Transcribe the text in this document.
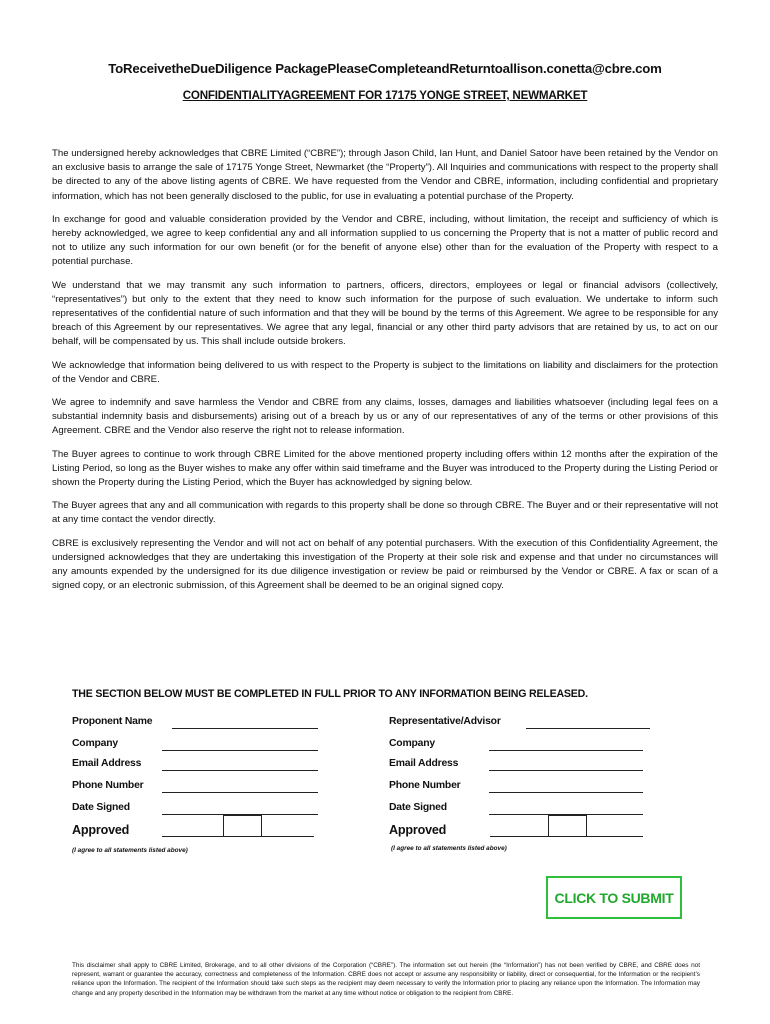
ToReceivetheDueDiligence PackagePleaseCompleteandReturntoallison.conetta@cbre.com
CONFIDENTIALITYAGREEMENT FOR 17175 YONGE STREET, NEWMARKET

The undersigned hereby acknowledges that CBRE Limited (“CBRE”); through Jason Child, Ian Hunt, and Daniel Satoor have been retained by the Vendor on an exclusive basis to arrange the sale of 17175 Yonge Street, Newmarket (the “Property”). All Inquiries and communications with respect to the property shall be directed to any of the above listing agents of CBRE. We have requested from the Vendor and CBRE, information, including confidential and proprietary information, which has not been generally disclosed to the public, for use in evaluating a potential purchase of the Property.

In exchange for good and valuable consideration provided by the Vendor and CBRE, including, without limitation, the receipt and sufficiency of which is hereby acknowledged, we agree to keep confidential any and all information supplied to us concerning the Property that is not a matter of public record and not to utilize any such information for our own benefit (or for the benefit of anyone else) other than for the evaluation of the Property with respect to a potential purchase.

We understand that we may transmit any such information to partners, officers, directors, employees or legal or financial advisors (collectively, “representatives”) but only to the extent that they need to know such information for the purpose of such evaluation. We undertake to inform such representatives of the confidential nature of such information and that they will be bound by the terms of this Agreement. We agree to be responsible for any breach of this Agreement by our representatives. We agree that any legal, financial or any other third party advisors that are retained by us, to act on our behalf, will be compensated by us. This shall include outside brokers.

We acknowledge that information being delivered to us with respect to the Property is subject to the limitations on liability and disclaimers for the protection of the Vendor and CBRE.

We agree to indemnify and save harmless the Vendor and CBRE from any claims, losses, damages and liabilities whatsoever (including legal fees on a substantial indemnity basis and disbursements) arising out of a breach by us or any of our representatives of any of the terms or other provisions of this Agreement. CBRE and the Vendor also reserve the right not to release information.

The Buyer agrees to continue to work through CBRE Limited for the above mentioned property including offers within 12 months after the expiration of the Listing Period, so long as the Buyer wishes to make any offer within said timeframe and the Buyer was introduced to the Property during the Listing Period or shown the Property during the Listing Period, which the Buyer has acknowledged by signing below.

The Buyer agrees that any and all communication with regards to this property shall be done so through CBRE. The Buyer and or their representative will not at any time contact the vendor directly.

CBRE is exclusively representing the Vendor and will not act on behalf of any potential purchasers. With the execution of this Confidentiality Agreement, the undersigned acknowledges that they are undertaking this investigation of the Property at their sole risk and expense and that under no circumstances will any amounts expended by the undersigned for its due diligence investigation or review be paid or reimbursed by the Vendor or CBRE. A fax or scan of a signed copy, or an electronic submission, of this Agreement shall be deemed to be an original signed copy.

THE SECTION BELOW MUST BE COMPLETED IN FULL PRIOR TO ANY INFORMATION BEING RELEASED.
Proponent Name
Company
Email Address
Phone Number
Date Signed
Approved
(I agree to all statements listed above)
Representative/Advisor
Company
Email Address
Phone Number
Date Signed
Approved
(I agree to all statements listed above)
CLICK TO SUBMIT
This disclaimer shall apply to CBRE Limited, Brokerage, and to all other divisions of the Corporation (“CBRE”). The information set out herein (the “Information”) has not been verified by CBRE, and CBRE does not represent, warrant or guarantee the accuracy, correctness and completeness of the Information. CBRE does not accept or assume any responsibility or liability, direct or consequential, for the Information or the recipient’s reliance upon the Information. The recipient of the Information should take such steps as the recipient may deem necessary to verify the Information prior to placing any reliance upon the Information. The Information may change and any property described in the Information may be withdrawn from the market at any time without notice or obligation to the recipient from CBRE.
